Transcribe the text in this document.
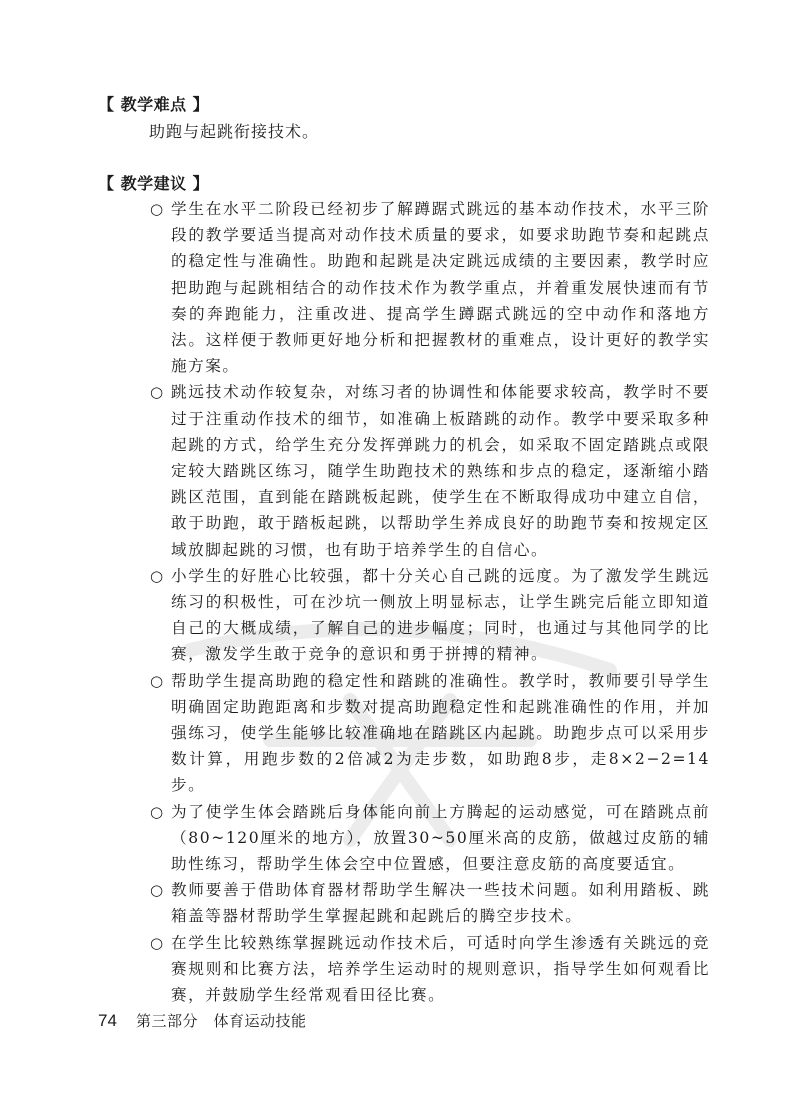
【 教学难点 】
助跑与起跳衔接技术。
【 教学建议 】
○ 学生在水平二阶段已经初步了解蹲踞式跳远的基本动作技术，水平三阶段的教学要适当提高对动作技术质量的要求，如要求助跑节奏和起跳点的稳定性与准确性。助跑和起跳是决定跳远成绩的主要因素，教学时应把助跑与起跳相结合的动作技术作为教学重点，并着重发展快速而有节奏的奔跑能力，注重改进、提高学生蹲踞式跳远的空中动作和落地方法。这样便于教师更好地分析和把握教材的重难点，设计更好的教学实施方案。
○ 跳远技术动作较复杂，对练习者的协调性和体能要求较高，教学时不要过于注重动作技术的细节，如准确上板踏跳的动作。教学中要采取多种起跳的方式，给学生充分发挥弹跳力的机会，如采取不固定踏跳点或限定较大踏跳区练习，随学生助跑技术的熟练和步点的稳定，逐渐缩小踏跳区范围，直到能在踏跳板起跳，使学生在不断取得成功中建立自信，敢于助跑，敢于踏板起跳，以帮助学生养成良好的助跑节奏和按规定区域放脚起跳的习惯，也有助于培养学生的自信心。
○ 小学生的好胜心比较强，都十分关心自己跳的远度。为了激发学生跳远练习的积极性，可在沙坑一侧放上明显标志，让学生跳完后能立即知道自己的大概成绩，了解自己的进步幅度；同时，也通过与其他同学的比赛，激发学生敢于竞争的意识和勇于拼搏的精神。
○ 帮助学生提高助跑的稳定性和踏跳的准确性。教学时，教师要引导学生明确固定助跑距离和步数对提高助跑稳定性和起跳准确性的作用，并加强练习，使学生能够比较准确地在踏跳区内起跳。助跑步点可以采用步数计算，用跑步数的2倍减2为走步数，如助跑8步，走8×2−2=14步。
○ 为了使学生体会踏跳后身体能向前上方腾起的运动感觉，可在踏跳点前（80~120厘米的地方），放置30~50厘米高的皮筋，做越过皮筋的辅助性练习，帮助学生体会空中位置感，但要注意皮筋的高度要适宜。
○ 教师要善于借助体育器材帮助学生解决一些技术问题。如利用踏板、跳箱盖等器材帮助学生掌握起跳和起跳后的腾空步技术。
○ 在学生比较熟练掌握跳远动作技术后，可适时向学生渗透有关跳远的竞赛规则和比赛方法，培养学生运动时的规则意识，指导学生如何观看比赛，并鼓励学生经常观看田径比赛。
74 第三部分　体育运动技能
